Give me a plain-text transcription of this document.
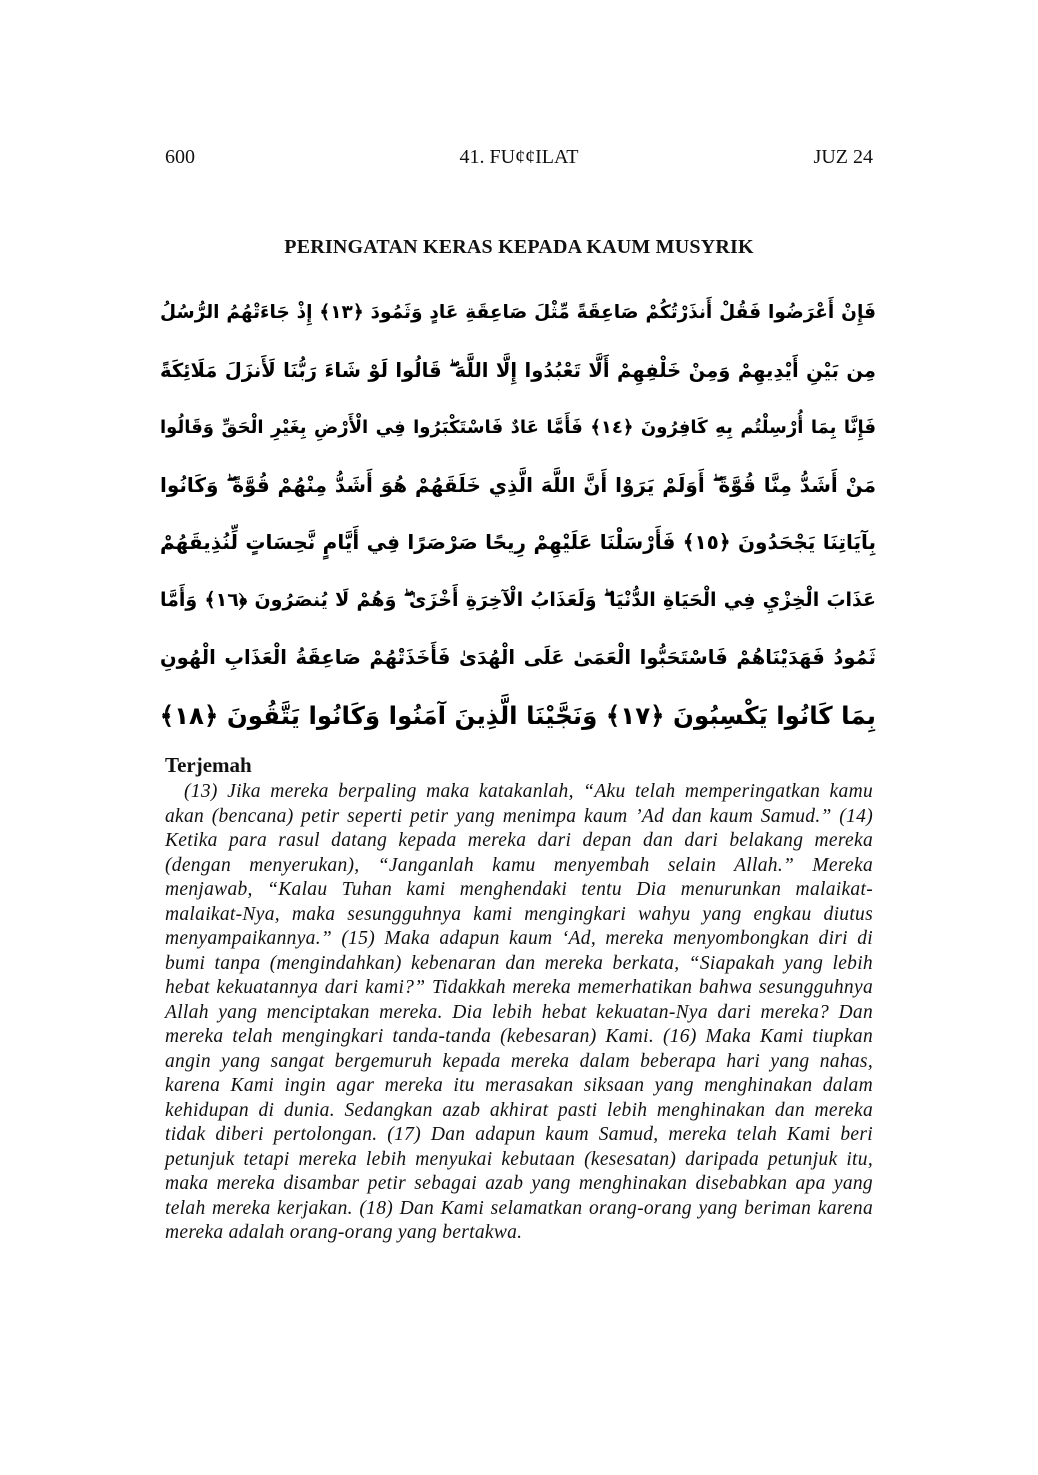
600	41. FU¢¢ILAT	JUZ 24
PERINGATAN KERAS KEPADA KAUM MUSYRIK
فَإِنْ أَعْرَضُوا فَقُلْ أَنذَرْتُكُمْ صَاعِقَةً مِّثْلَ صَاعِقَةِ عَادٍ وَثَمُودَ ﴿١٣﴾ إِذْ جَاءَتْهُمُ الرُّسُلُ
مِن بَيْنِ أَيْدِيهِمْ وَمِنْ خَلْفِهِمْ أَلَّا تَعْبُدُوا إِلَّا اللَّهَ ۖ قَالُوا لَوْ شَاءَ رَبُّنَا لَأَنزَلَ مَلَائِكَةً
فَإِنَّا بِمَا أُرْسِلْتُم بِهِ كَافِرُونَ ﴿١٤﴾ فَأَمَّا عَادٌ فَاسْتَكْبَرُوا فِي الْأَرْضِ بِغَيْرِ الْحَقِّ وَقَالُوا
مَنْ أَشَدُّ مِنَّا قُوَّةً ۖ أَوَلَمْ يَرَوْا أَنَّ اللَّهَ الَّذِي خَلَقَهُمْ هُوَ أَشَدُّ مِنْهُمْ قُوَّةً ۖ وَكَانُوا
بِآيَاتِنَا يَجْحَدُونَ ﴿١٥﴾ فَأَرْسَلْنَا عَلَيْهِمْ رِيحًا صَرْصَرًا فِي أَيَّامٍ نَّحِسَاتٍ لِّنُذِيقَهُمْ
عَذَابَ الْخِزْيِ فِي الْحَيَاةِ الدُّنْيَا ۖ وَلَعَذَابُ الْآخِرَةِ أَخْزَىٰ ۖ وَهُمْ لَا يُنصَرُونَ ﴿١٦﴾ وَأَمَّا
ثَمُودُ فَهَدَيْنَاهُمْ فَاسْتَحَبُّوا الْعَمَىٰ عَلَى الْهُدَىٰ فَأَخَذَتْهُمْ صَاعِقَةُ الْعَذَابِ الْهُونِ
بِمَا كَانُوا يَكْسِبُونَ ﴿١٧﴾ وَنَجَّيْنَا الَّذِينَ آمَنُوا وَكَانُوا يَتَّقُونَ ﴿١٨﴾
Terjemah
(13) Jika mereka berpaling maka katakanlah, “Aku telah memperingatkan kamu akan (bencana) petir seperti petir yang menimpa kaum ’Ad dan kaum Samud.” (14) Ketika para rasul datang kepada mereka dari depan dan dari belakang mereka (dengan menyerukan), “Janganlah kamu menyembah selain Allah.” Mereka menjawab, “Kalau Tuhan kami menghendaki tentu Dia menurunkan malaikat-malaikat-Nya, maka sesungguhnya kami mengingkari wahyu yang engkau diutus menyampaikannya.” (15) Maka adapun kaum ‘Ad, mereka menyombongkan diri di bumi tanpa (mengindahkan) kebenaran dan mereka berkata, “Siapakah yang lebih hebat kekuatannya dari kami?” Tidakkah mereka memerhatikan bahwa sesungguhnya Allah yang menciptakan mereka. Dia lebih hebat kekuatan-Nya dari mereka? Dan mereka telah mengingkari tanda-tanda (kebesaran) Kami. (16) Maka Kami tiupkan angin yang sangat bergemuruh kepada mereka dalam beberapa hari yang nahas, karena Kami ingin agar mereka itu merasakan siksaan yang menghinakan dalam kehidupan di dunia. Sedangkan azab akhirat pasti lebih menghinakan dan mereka tidak diberi pertolongan. (17) Dan adapun kaum Samud, mereka telah Kami beri petunjuk tetapi mereka lebih menyukai kebutaan (kesesatan) daripada petunjuk itu, maka mereka disambar petir sebagai azab yang menghinakan disebabkan apa yang telah mereka kerjakan. (18) Dan Kami selamatkan orang-orang yang beriman karena mereka adalah orang-orang yang bertakwa.
